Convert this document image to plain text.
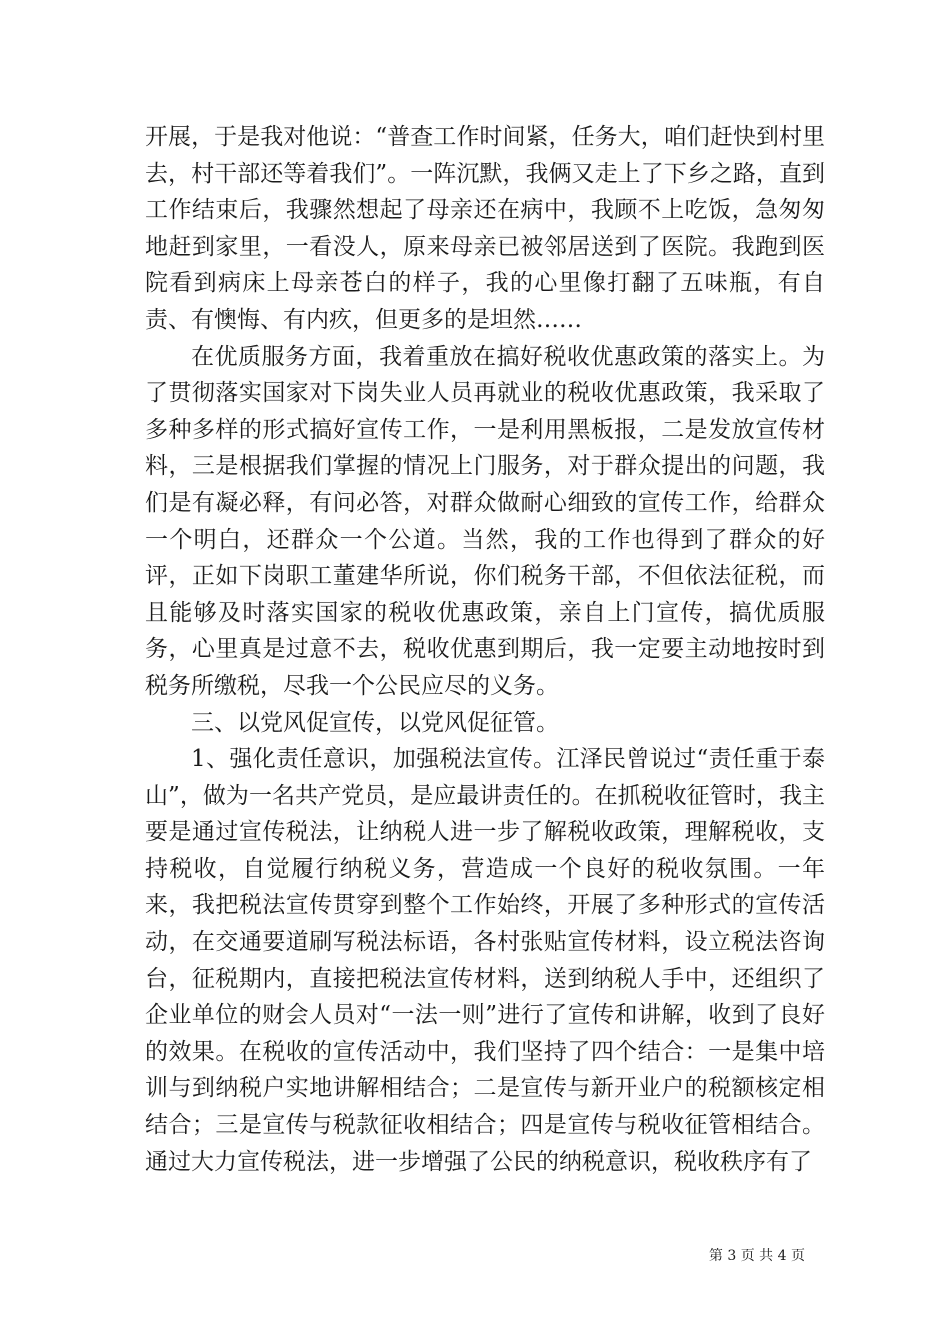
开展，于是我对他说：“普查工作时间紧，任务大，咱们赶快到村里去，村干部还等着我们”。一阵沉默，我俩又走上了下乡之路，直到工作结束后，我骤然想起了母亲还在病中，我顾不上吃饭，急匆匆地赶到家里，一看没人，原来母亲已被邻居送到了医院。我跑到医院看到病床上母亲苍白的样子，我的心里像打翻了五味瓶，有自责、有懊悔、有内疚，但更多的是坦然……

在优质服务方面，我着重放在搞好税收优惠政策的落实上。为了贯彻落实国家对下岗失业人员再就业的税收优惠政策，我采取了多种多样的形式搞好宣传工作，一是利用黑板报，二是发放宣传材料，三是根据我们掌握的情况上门服务，对于群众提出的问题，我们是有凝必释，有问必答，对群众做耐心细致的宣传工作，给群众一个明白，还群众一个公道。当然，我的工作也得到了群众的好评，正如下岗职工董建华所说，你们税务干部，不但依法征税，而且能够及时落实国家的税收优惠政策，亲自上门宣传，搞优质服务，心里真是过意不去，税收优惠到期后，我一定要主动地按时到税务所缴税，尽我一个公民应尽的义务。

三、以党风促宣传，以党风促征管。

1、强化责任意识，加强税法宣传。江泽民曾说过“责任重于泰山”，做为一名共产党员，是应最讲责任的。在抓税收征管时，我主要是通过宣传税法，让纳税人进一步了解税收政策，理解税收，支持税收，自觉履行纳税义务，营造成一个良好的税收氛围。一年来，我把税法宣传贯穿到整个工作始终，开展了多种形式的宣传活动，在交通要道刷写税法标语，各村张贴宣传材料，设立税法咨询台，征税期内，直接把税法宣传材料，送到纳税人手中，还组织了企业单位的财会人员对“一法一则”进行了宣传和讲解，收到了良好的效果。在税收的宣传活动中，我们坚持了四个结合：一是集中培训与到纳税户实地讲解相结合；二是宣传与新开业户的税额核定相结合；三是宣传与税款征收相结合；四是宣传与税收征管相结合。通过大力宣传税法，进一步增强了公民的纳税意识，税收秩序有了

第 3 页 共 4 页
